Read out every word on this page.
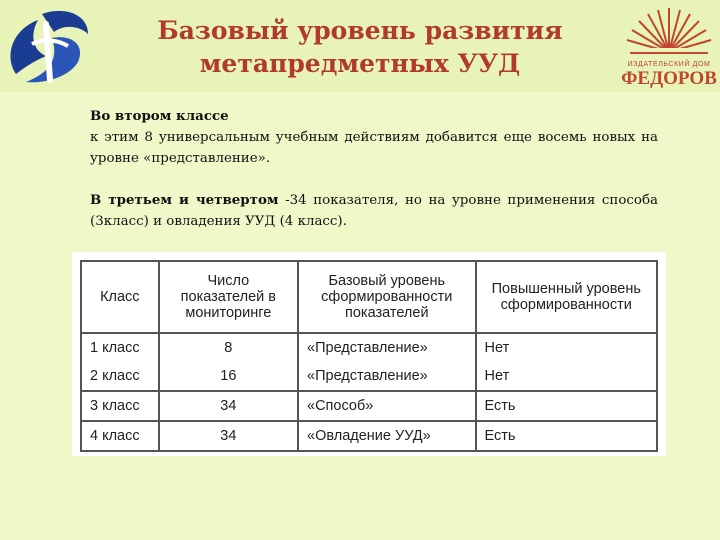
Базовый уровень развития
метапредметных УУД	ИЗДАТЕЛЬСКИЙ ДОМ
ФЕДОРОВ

Во втором классе
к этим 8 универсальным учебным действиям добавится еще восемь новых на уровне «представление».

В третьем и четвертом -34 показателя, но на уровне применения способа (3класс) и овладения УУД (4 класс).

Класс	Число показателей в мониторинге	Базовый уровень сформированности показателей	Повышенный уровень сформированности
1 класс	8	«Представление»	Нет
2 класс	16	«Представление»	Нет
3 класс	34	«Способ»	Есть
4 класс	34	«Овладение УУД»	Есть
